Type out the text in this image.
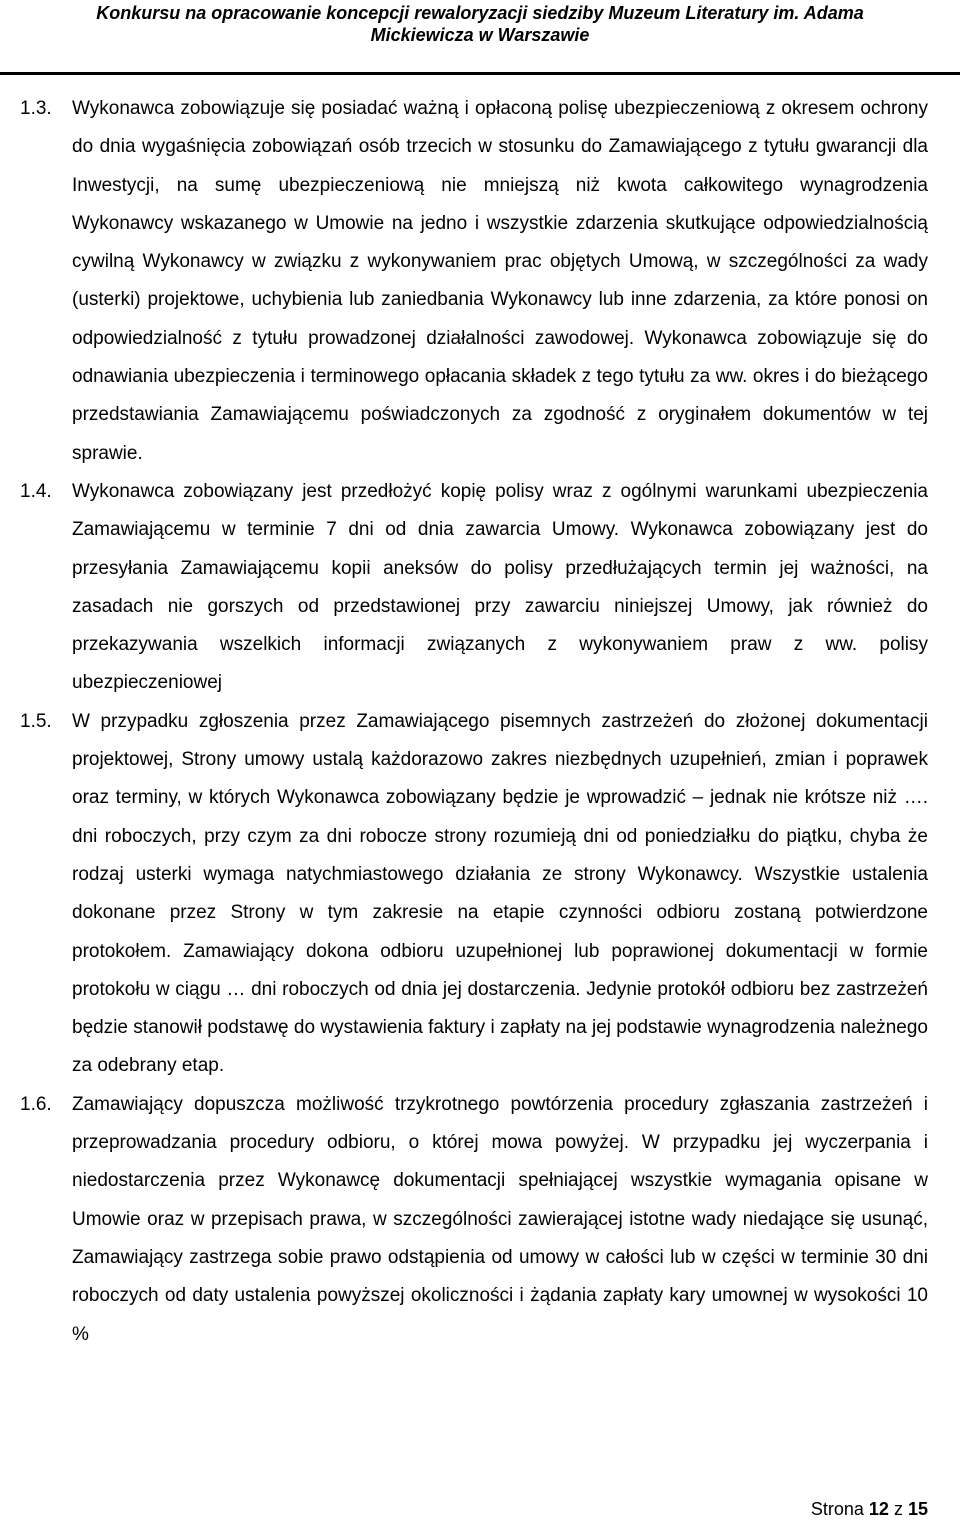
Konkursu na opracowanie koncepcji rewaloryzacji siedziby Muzeum Literatury im. Adama
Mickiewicza w Warszawie
1.3. Wykonawca zobowiązuje się posiadać ważną i opłaconą polisę ubezpieczeniową z okresem ochrony do dnia wygaśnięcia zobowiązań osób trzecich w stosunku do Zamawiającego z tytułu gwarancji dla Inwestycji, na sumę ubezpieczeniową nie mniejszą niż kwota całkowitego wynagrodzenia Wykonawcy wskazanego w Umowie na jedno i wszystkie zdarzenia skutkujące odpowiedzialnością cywilną Wykonawcy w związku z wykonywaniem prac objętych Umową, w szczególności za wady (usterki) projektowe, uchybienia lub zaniedbania Wykonawcy lub inne zdarzenia, za które ponosi on odpowiedzialność z tytułu prowadzonej działalności zawodowej. Wykonawca zobowiązuje się do odnawiania ubezpieczenia i terminowego opłacania składek z tego tytułu za ww. okres i do bieżącego przedstawiania Zamawiającemu poświadczonych za zgodność z oryginałem dokumentów w tej sprawie.
1.4. Wykonawca zobowiązany jest przedłożyć kopię polisy wraz z ogólnymi warunkami ubezpieczenia Zamawiającemu w terminie 7 dni od dnia zawarcia Umowy. Wykonawca zobowiązany jest do przesyłania Zamawiającemu kopii aneksów do polisy przedłużających termin jej ważności, na zasadach nie gorszych od przedstawionej przy zawarciu niniejszej Umowy, jak również do przekazywania wszelkich informacji związanych z wykonywaniem praw z ww. polisy ubezpieczeniowej
1.5. W przypadku zgłoszenia przez Zamawiającego pisemnych zastrzeżeń do złożonej dokumentacji projektowej, Strony umowy ustalą każdorazowo zakres niezbędnych uzupełnień, zmian i poprawek oraz terminy, w których Wykonawca zobowiązany będzie je wprowadzić – jednak nie krótsze niż …. dni roboczych, przy czym za dni robocze strony rozumieją dni od poniedziałku do piątku, chyba że rodzaj usterki wymaga natychmiastowego działania ze strony Wykonawcy. Wszystkie ustalenia dokonane przez Strony w tym zakresie na etapie czynności odbioru zostaną potwierdzone protokołem. Zamawiający dokona odbioru uzupełnionej lub poprawionej dokumentacji w formie protokołu w ciągu … dni roboczych od dnia jej dostarczenia. Jedynie protokół odbioru bez zastrzeżeń będzie stanowił podstawę do wystawienia faktury i zapłaty na jej podstawie wynagrodzenia należnego za odebrany etap.
1.6. Zamawiający dopuszcza możliwość trzykrotnego powtórzenia procedury zgłaszania zastrzeżeń i przeprowadzania procedury odbioru, o której mowa powyżej. W przypadku jej wyczerpania i niedostarczenia przez Wykonawcę dokumentacji spełniającej wszystkie wymagania opisane w Umowie oraz w przepisach prawa, w szczególności zawierającej istotne wady niedające się usunąć, Zamawiający zastrzega sobie prawo odstąpienia od umowy w całości lub w części w terminie 30 dni roboczych od daty ustalenia powyższej okoliczności i żądania zapłaty kary umownej w wysokości 10 %
Strona 12 z 15
